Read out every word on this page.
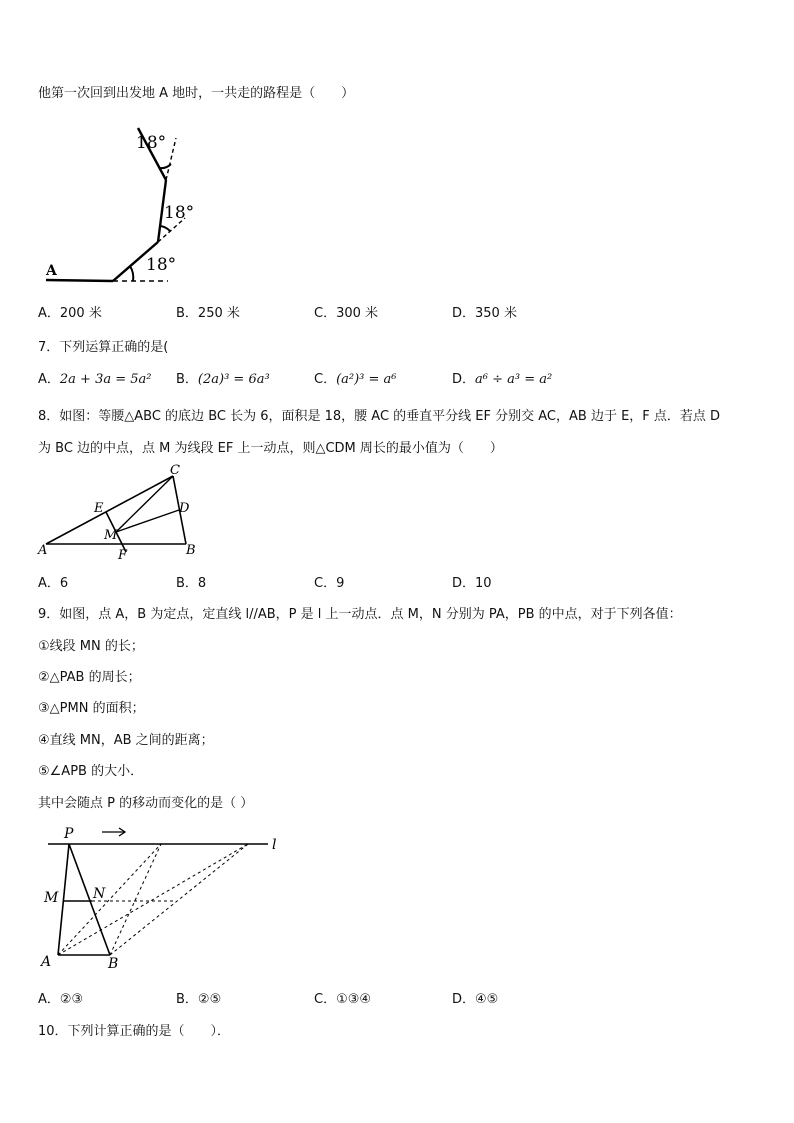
他第一次回到出发地 A 地时，一共走的路程是（　　）
18°
18°
18°
A
A．200 米	B．250 米	C．300 米	D．350 米
7．下列运算正确的是(
A．2a + 3a = 5a² B．(2a)³ = 6a³	C．(a²)³ = a⁶	D．a⁶ ÷ a³ = a²
8．如图：等腰△ABC 的底边 BC 长为 6，面积是 18，腰 AC 的垂直平分线 EF 分别交 AC，AB 边于 E，F 点．若点 D
为 BC 边的中点，点 M 为线段 EF 上一动点，则△CDM 周长的最小值为（　　）
A	B
C
D
E
F
M
A．6	B．8	C．9	D．10
9．如图，点 A，B 为定点，定直线 l//AB，P 是 l 上一动点．点 M，N 分别为 PA，PB 的中点，对于下列各值：
①线段 MN 的长；
②△PAB 的周长；
③△PMN 的面积；
④直线 MN，AB 之间的距离；
⑤∠APB 的大小．
其中会随点 P 的移动而变化的是（ ）
P
l
M N
A	B
A．②③	B．②⑤	C．①③④	D．④⑤
10．下列计算正确的是（　　）．
